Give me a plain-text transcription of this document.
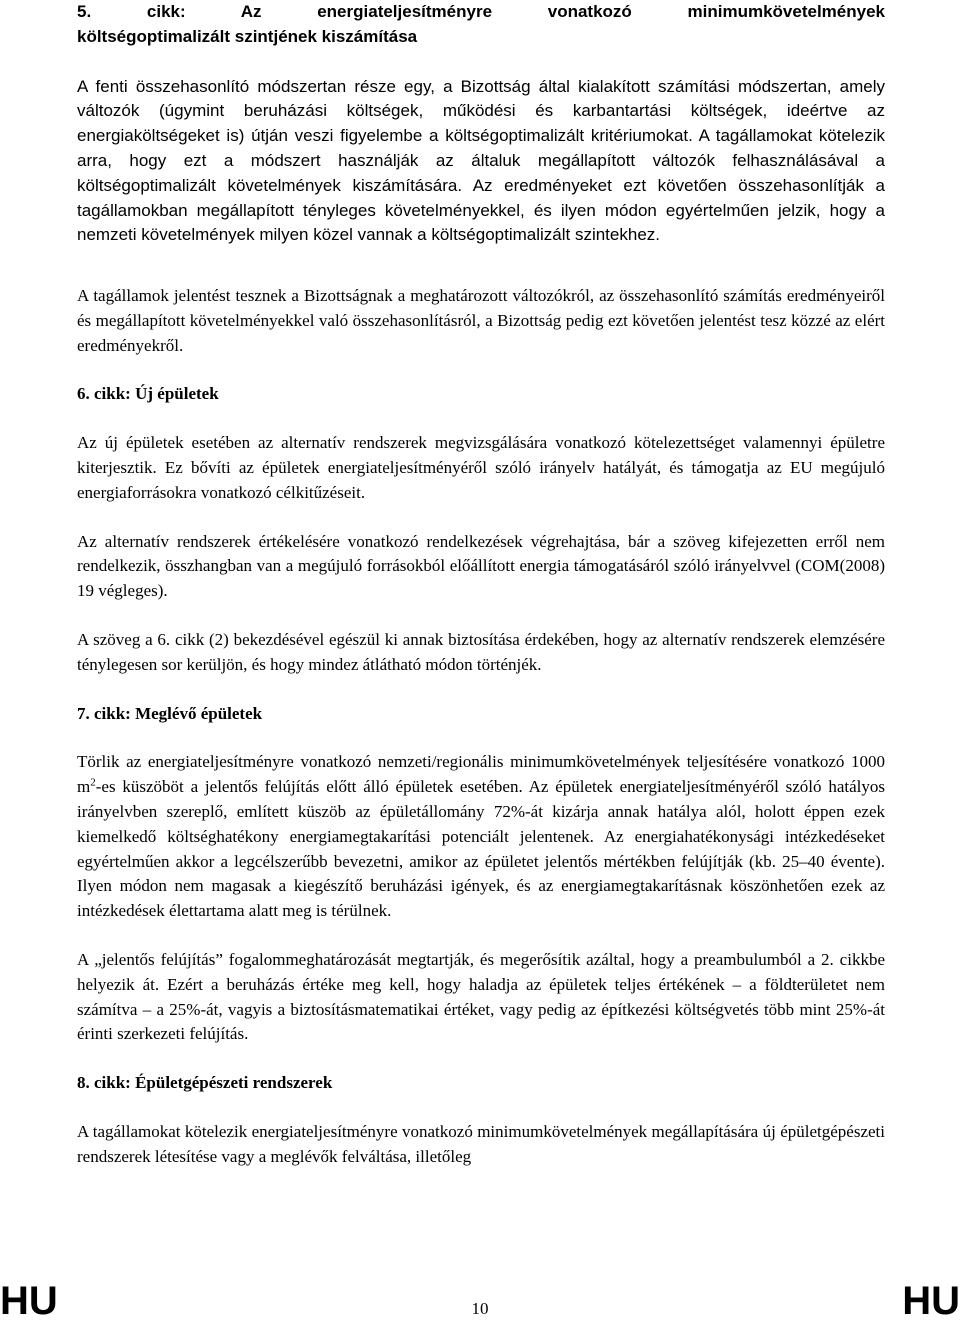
5. cikk: Az energiateljesítményre vonatkozó minimumkövetelmények

költségoptimalizált szintjének kiszámítása

A fenti összehasonlító módszertan része egy, a Bizottság által kialakított számítási módszertan, amely változók (úgymint beruházási költségek, működési és karbantartási költségek, ideértve az energiaköltségeket is) útján veszi figyelembe a költségoptimalizált kritériumokat. A tagállamokat kötelezik arra, hogy ezt a módszert használják az általuk megállapított változók felhasználásával a költségoptimalizált követelmények kiszámítására. Az eredményeket ezt követően összehasonlítják a tagállamokban megállapított tényleges követelményekkel, és ilyen módon egyértelműen jelzik, hogy a nemzeti követelmények milyen közel vannak a költségoptimalizált szintekhez.

A tagállamok jelentést tesznek a Bizottságnak a meghatározott változókról, az összehasonlító számítás eredményeiről és megállapított követelményekkel való összehasonlításról, a Bizottság pedig ezt követően jelentést tesz közzé az elért eredményekről.

6. cikk: Új épületek

Az új épületek esetében az alternatív rendszerek megvizsgálására vonatkozó kötelezettséget valamennyi épületre kiterjesztik. Ez bővíti az épületek energiateljesítményéről szóló irányelv hatályát, és támogatja az EU megújuló energiaforrásokra vonatkozó célkitűzéseit.

Az alternatív rendszerek értékelésére vonatkozó rendelkezések végrehajtása, bár a szöveg kifejezetten erről nem rendelkezik, összhangban van a megújuló forrásokból előállított energia támogatásáról szóló irányelvvel (COM(2008) 19 végleges).

A szöveg a 6. cikk (2) bekezdésével egészül ki annak biztosítása érdekében, hogy az alternatív rendszerek elemzésére ténylegesen sor kerüljön, és hogy mindez átlátható módon történjék.

7. cikk: Meglévő épületek

Törlik az energiateljesítményre vonatkozó nemzeti/regionális minimumkövetelmények teljesítésére vonatkozó 1000 $m^2-es$ küszöböt a jelentős felújítás előtt álló épületek esetében. Az épületek energiateljesítményéről szóló hatályos irányelvben szereplő, említett küszöb az épületállomány 72%-át kizárja annak hatálya alól, holott éppen ezek kiemelkedő költséghatékony energiamegtakarítási potenciált jelentenek. Az energiahatékonysági intézkedéseket egyértelműen akkor a legcélszerűbb bevezetni, amikor az épületet jelentős mértékben felújítják (kb. 25–40 évente). Ilyen módon nem magasak a kiegészítő beruházási igények, és az energiamegtakarításnak köszönhetően ezek az intézkedések élettartama alatt meg is térülnek.

A „jelentős felújítás” fogalommeghatározását megtartják, és megerősítik azáltal, hogy a preambulumból a 2. cikkbe helyezik át. Ezért a beruházás értéke meg kell, hogy haladja az épületek teljes értékének – a földterületet nem számítva – a 25%-át, vagyis a biztosításmatematikai értéket, vagy pedig az építkezési költségvetés több mint 25%-át érinti szerkezeti felújítás.

8. cikk: Épületgépészeti rendszerek

A tagállamokat kötelezik energiateljesítményre vonatkozó minimumkövetelmények megállapítására új épületgépészeti rendszerek létesítése vagy a meglévők felváltása, illetőleg

HU	10	HU
